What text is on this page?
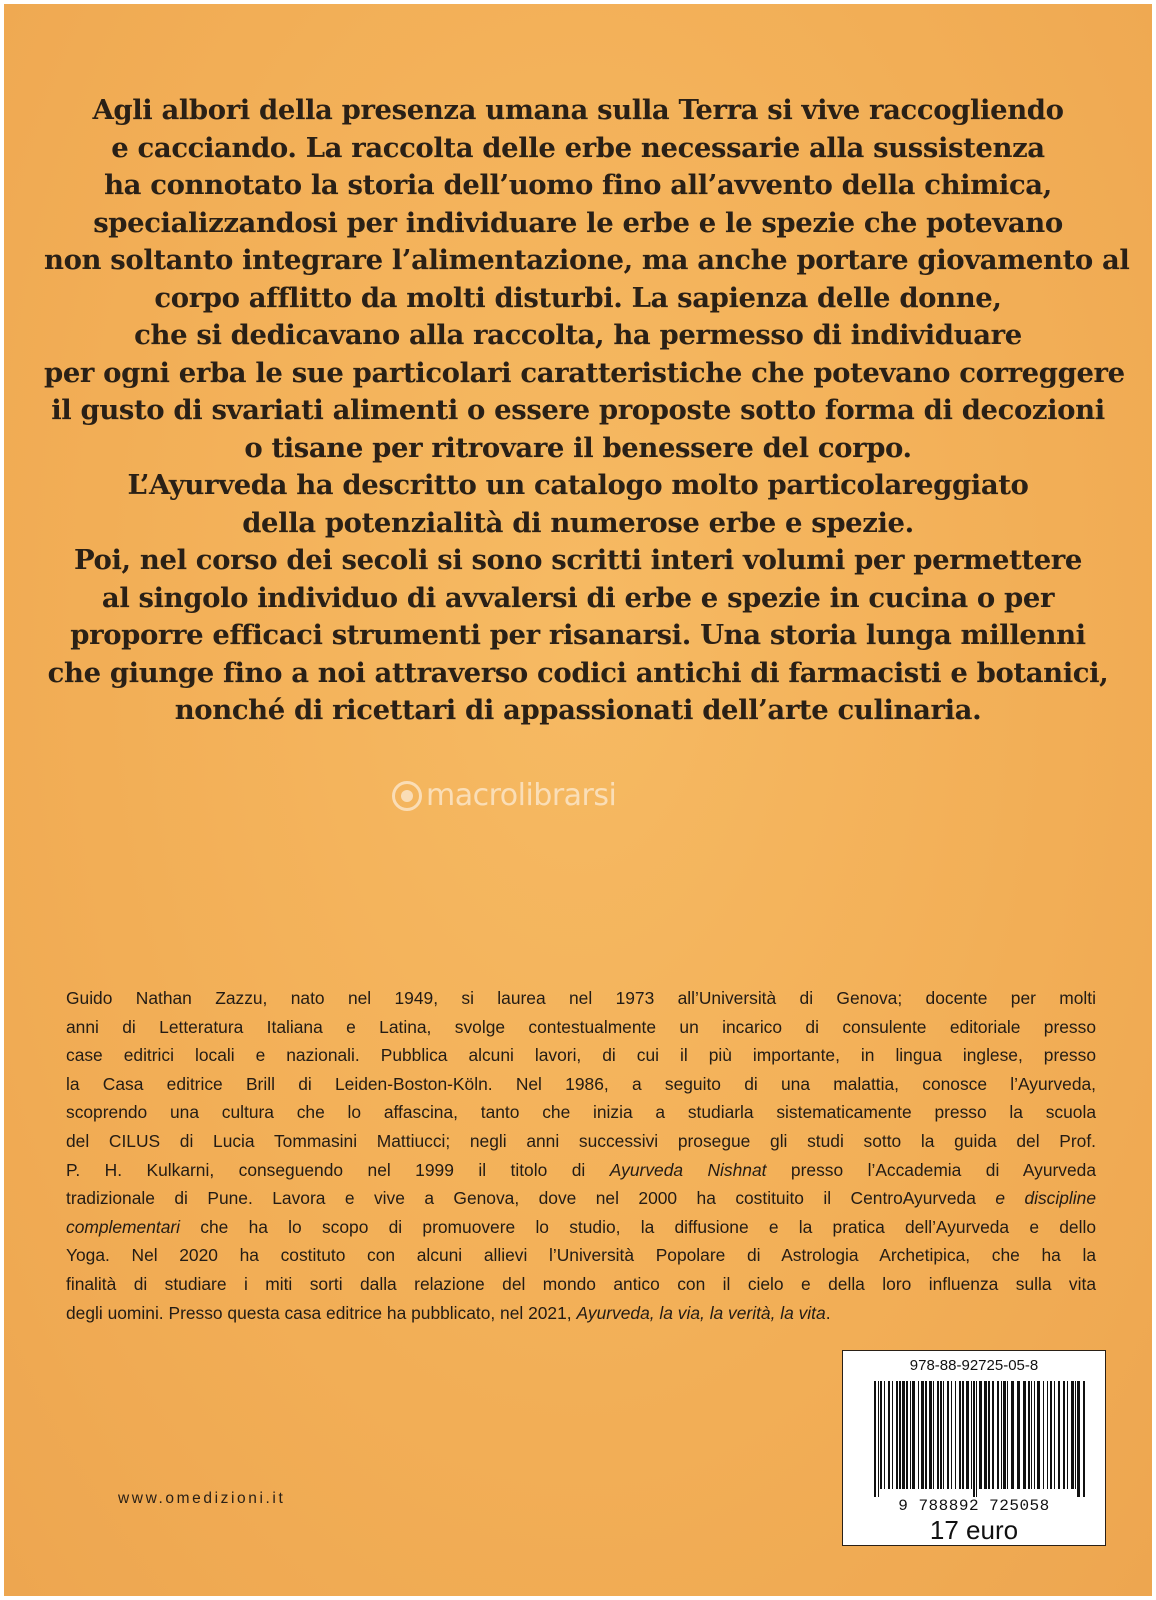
Agli albori della presenza umana sulla Terra si vive raccogliendo
e cacciando. La raccolta delle erbe necessarie alla sussistenza
ha connotato la storia dell’uomo fino all’avvento della chimica,
specializzandosi per individuare le erbe e le spezie che potevano
non soltanto integrare l’alimentazione, ma anche portare giovamento al
corpo afflitto da molti disturbi. La sapienza delle donne,
che si dedicavano alla raccolta, ha permesso di individuare
per ogni erba le sue particolari caratteristiche che potevano correggere
il gusto di svariati alimenti o essere proposte sotto forma di decozioni
o tisane per ritrovare il benessere del corpo.
L’Ayurveda ha descritto un catalogo molto particolareggiato
della potenzialità di numerose erbe e spezie.
Poi, nel corso dei secoli si sono scritti interi volumi per permettere
al singolo individuo di avvalersi di erbe e spezie in cucina o per
proporre efficaci strumenti per risanarsi. Una storia lunga millenni
che giunge fino a noi attraverso codici antichi di farmacisti e botanici,
nonché di ricettari di appassionati dell’arte culinaria.
macrolibrarsi
Guido Nathan Zazzu, nato nel 1949, si laurea nel 1973 all’Università di Genova; docente per molti
anni di Letteratura Italiana e Latina, svolge contestualmente un incarico di consulente editoriale presso
case editrici locali e nazionali. Pubblica alcuni lavori, di cui il più importante, in lingua inglese, presso
la Casa editrice Brill di Leiden-Boston-Köln. Nel 1986, a seguito di una malattia, conosce l’Ayurveda,
scoprendo una cultura che lo affascina, tanto che inizia a studiarla sistematicamente presso la scuola
del CILUS di Lucia Tommasini Mattiucci; negli anni successivi prosegue gli studi sotto la guida del Prof.
P. H. Kulkarni, conseguendo nel 1999 il titolo di Ayurveda Nishnat presso l’Accademia di Ayurveda
tradizionale di Pune. Lavora e vive a Genova, dove nel 2000 ha costituito il CentroAyurveda e discipline
complementari che ha lo scopo di promuovere lo studio, la diffusione e la pratica dell’Ayurveda e dello
Yoga. Nel 2020 ha costituto con alcuni allievi l’Università Popolare di Astrologia Archetipica, che ha la
finalità di studiare i miti sorti dalla relazione del mondo antico con il cielo e della loro influenza sulla vita
degli uomini. Presso questa casa editrice ha pubblicato, nel 2021, Ayurveda, la via, la verità, la vita.
978-88-92725-05-8
9 788892 725058
17 euro
www.omedizioni.it
